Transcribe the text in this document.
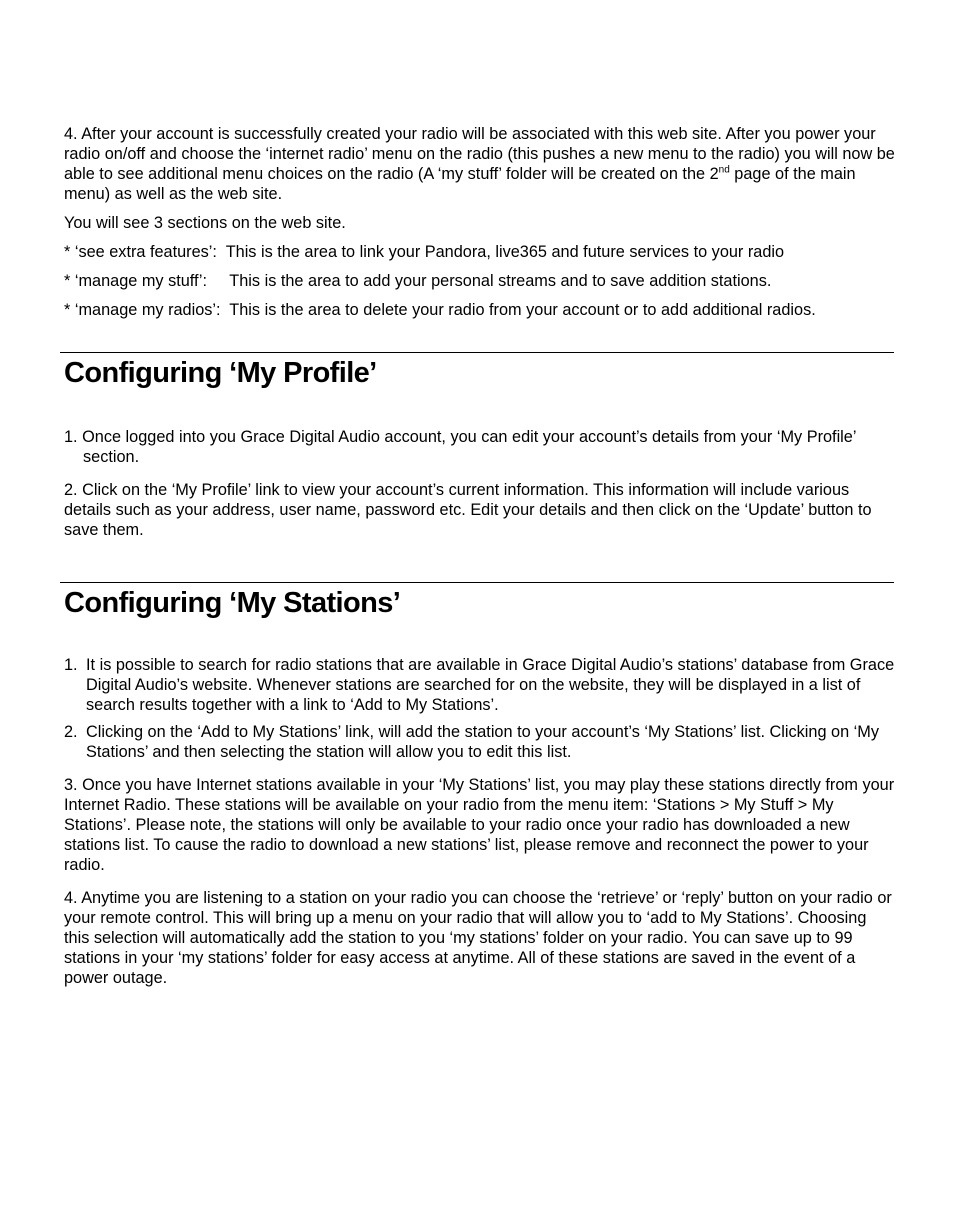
4. After your account is successfully created your radio will be associated with this web site. After you power your radio on/off and choose the ‘internet radio’ menu on the radio (this pushes a new menu to the radio) you will now be able to see additional menu choices on the radio (A ‘my stuff’ folder will be created on the 2nd page of the main menu) as well as the web site.

You will see 3 sections on the web site.

* ‘see extra features’:  This is the area to link your Pandora, live365 and future services to your radio

* ‘manage my stuff’:     This is the area to add your personal streams and to save addition stations.

* ‘manage my radios’:  This is the area to delete your radio from your account or to add additional radios.

Configuring ‘My Profile’

1. Once logged into you Grace Digital Audio account, you can edit your account’s details from your ‘My Profile’ section.

2. Click on the ‘My Profile’ link to view your account’s current information. This information will include various details such as your address, user name, password etc. Edit your details and then click on the ‘Update’ button to save them.

Configuring ‘My Stations’
1. It is possible to search for radio stations that are available in Grace Digital Audio’s stations’ database from Grace Digital Audio’s website. Whenever stations are searched for on the website, they will be displayed in a list of search results together with a link to ‘Add to My Stations’.
2. Clicking on the ‘Add to My Stations’ link, will add the station to your account’s ‘My Stations’ list. Clicking on ‘My Stations’ and then selecting the station will allow you to edit this list.

3. Once you have Internet stations available in your ‘My Stations’ list, you may play these stations directly from your Internet Radio. These stations will be available on your radio from the menu item: ‘Stations > My Stuff > My Stations’. Please note, the stations will only be available to your radio once your radio has downloaded a new stations list. To cause the radio to download a new stations’ list, please remove and reconnect the power to your radio.

4. Anytime you are listening to a station on your radio you can choose the ‘retrieve’ or ‘reply’ button on your radio or your remote control. This will bring up a menu on your radio that will allow you to ‘add to My Stations’. Choosing this selection will automatically add the station to you ‘my stations’ folder on your radio. You can save up to 99 stations in your ‘my stations’ folder for easy access at anytime. All of these stations are saved in the event of a power outage.
